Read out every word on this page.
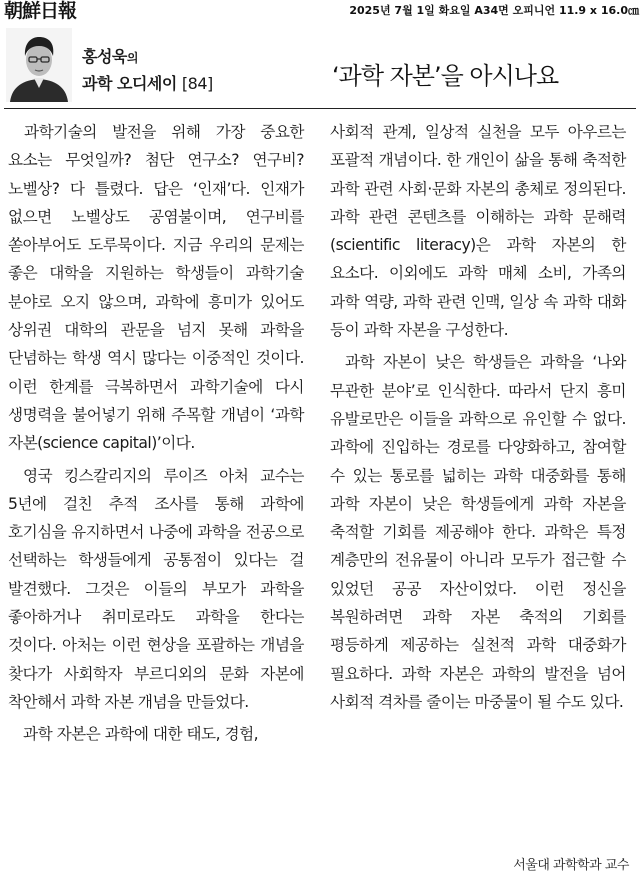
朝鮮日報	2025년 7월 1일 화요일 A34면 오피니언 11.9 x 16.0㎝
홍성욱의
과학 오디세이 [84]	‘과학 자본’을 아시나요

과학기술의 발전을 위해 가장 중요한 요소는 무엇일까? 첨단 연구소? 연구비? 노벨상? 다 틀렸다. 답은 ‘인재’다. 인재가 없으면 노벨상도 공염불이며, 연구비를 쏟아부어도 도루묵이다. 지금 우리의 문제는 좋은 대학을 지원하는 학생들이 과학기술 분야로 오지 않으며, 과학에 흥미가 있어도 상위권 대학의 관문을 넘지 못해 과학을 단념하는 학생 역시 많다는 이중적인 것이다. 이런 한계를 극복하면서 과학기술에 다시 생명력을 불어넣기 위해 주목할 개념이 ‘과학 자본(science capital)’이다.

영국 킹스칼리지의 루이즈 아처 교수는 5년에 걸친 추적 조사를 통해 과학에 호기심을 유지하면서 나중에 과학을 전공으로 선택하는 학생들에게 공통점이 있다는 걸 발견했다. 그것은 이들의 부모가 과학을 좋아하거나 취미로라도 과학을 한다는 것이다. 아처는 이런 현상을 포괄하는 개념을 찾다가 사회학자 부르디외의 문화 자본에 착안해서 과학 자본 개념을 만들었다.

과학 자본은 과학에 대한 태도, 경험,

사회적 관계, 일상적 실천을 모두 아우르는 포괄적 개념이다. 한 개인이 삶을 통해 축적한 과학 관련 사회·문화 자본의 총체로 정의된다. 과학 관련 콘텐츠를 이해하는 과학 문해력(scientific literacy)은 과학 자본의 한 요소다. 이외에도 과학 매체 소비, 가족의 과학 역량, 과학 관련 인맥, 일상 속 과학 대화 등이 과학 자본을 구성한다.

과학 자본이 낮은 학생들은 과학을 ‘나와 무관한 분야’로 인식한다. 따라서 단지 흥미 유발로만은 이들을 과학으로 유인할 수 없다. 과학에 진입하는 경로를 다양화하고, 참여할 수 있는 통로를 넓히는 과학 대중화를 통해 과학 자본이 낮은 학생들에게 과학 자본을 축적할 기회를 제공해야 한다. 과학은 특정 계층만의 전유물이 아니라 모두가 접근할 수 있었던 공공 자산이었다. 이런 정신을 복원하려면 과학 자본 축적의 기회를 평등하게 제공하는 실천적 과학 대중화가 필요하다. 과학 자본은 과학의 발전을 넘어 사회적 격차를 줄이는 마중물이 될 수도 있다.

서울대 과학학과 교수
